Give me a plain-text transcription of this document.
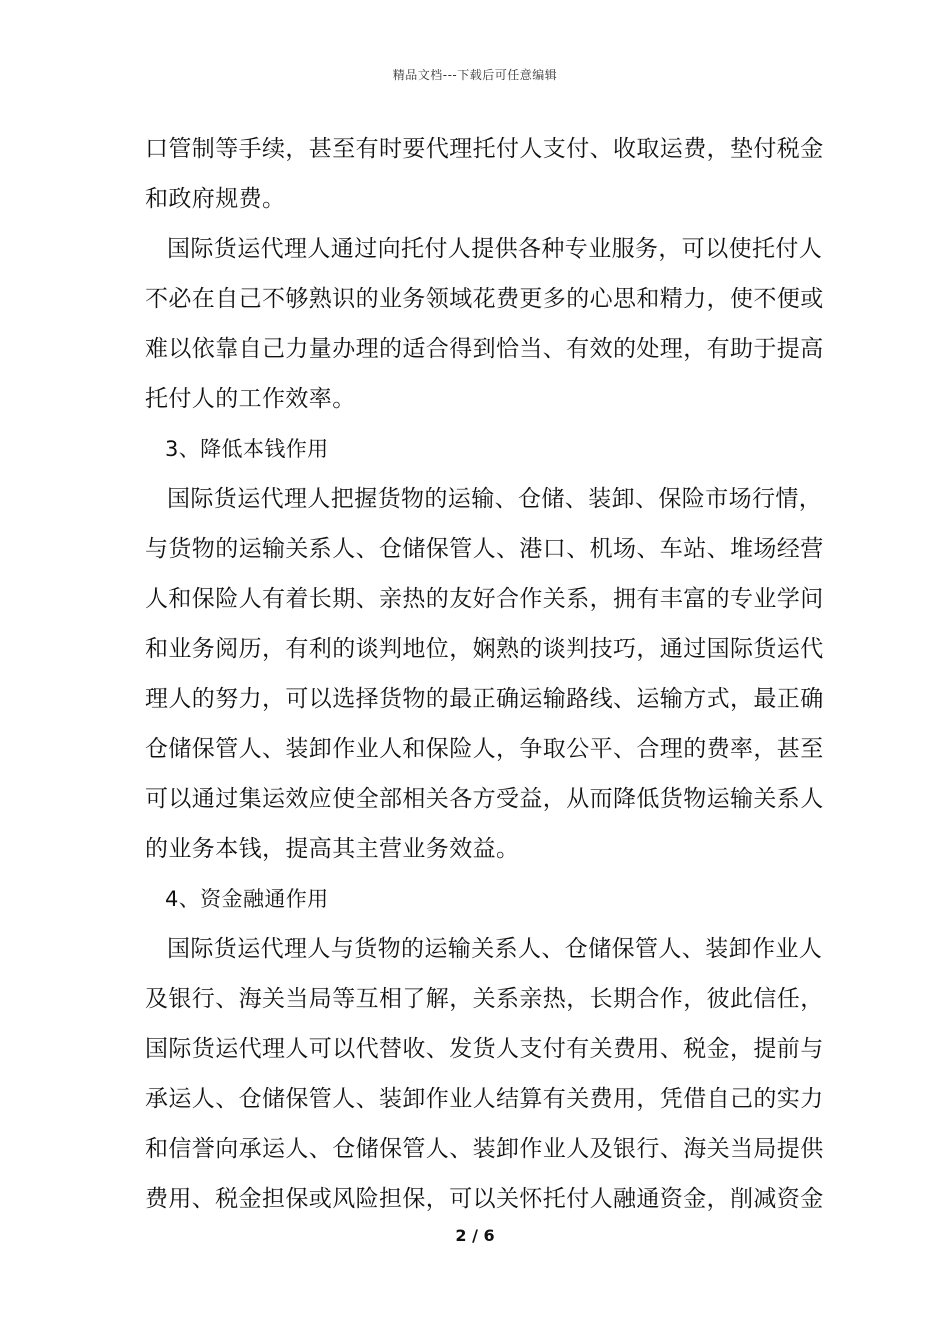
精品文档---下载后可任意编辑
口管制等手续，甚至有时要代理托付人支付、收取运费，垫付税金
和政府规费。
国际货运代理人通过向托付人提供各种专业服务，可以使托付人
不必在自己不够熟识的业务领域花费更多的心思和精力，使不便或
难以依靠自己力量办理的适合得到恰当、有效的处理，有助于提高
托付人的工作效率。
3、降低本钱作用
国际货运代理人把握货物的运输、仓储、装卸、保险市场行情，
与货物的运输关系人、仓储保管人、港口、机场、车站、堆场经营
人和保险人有着长期、亲热的友好合作关系，拥有丰富的专业学问
和业务阅历，有利的谈判地位，娴熟的谈判技巧，通过国际货运代
理人的努力，可以选择货物的最正确运输路线、运输方式，最正确
仓储保管人、装卸作业人和保险人，争取公平、合理的费率，甚至
可以通过集运效应使全部相关各方受益，从而降低货物运输关系人
的业务本钱，提高其主营业务效益。
4、资金融通作用
国际货运代理人与货物的运输关系人、仓储保管人、装卸作业人
及银行、海关当局等互相了解，关系亲热，长期合作，彼此信任，
国际货运代理人可以代替收、发货人支付有关费用、税金，提前与
承运人、仓储保管人、装卸作业人结算有关费用，凭借自己的实力
和信誉向承运人、仓储保管人、装卸作业人及银行、海关当局提供
费用、税金担保或风险担保，可以关怀托付人融通资金，削减资金
2 / 6
